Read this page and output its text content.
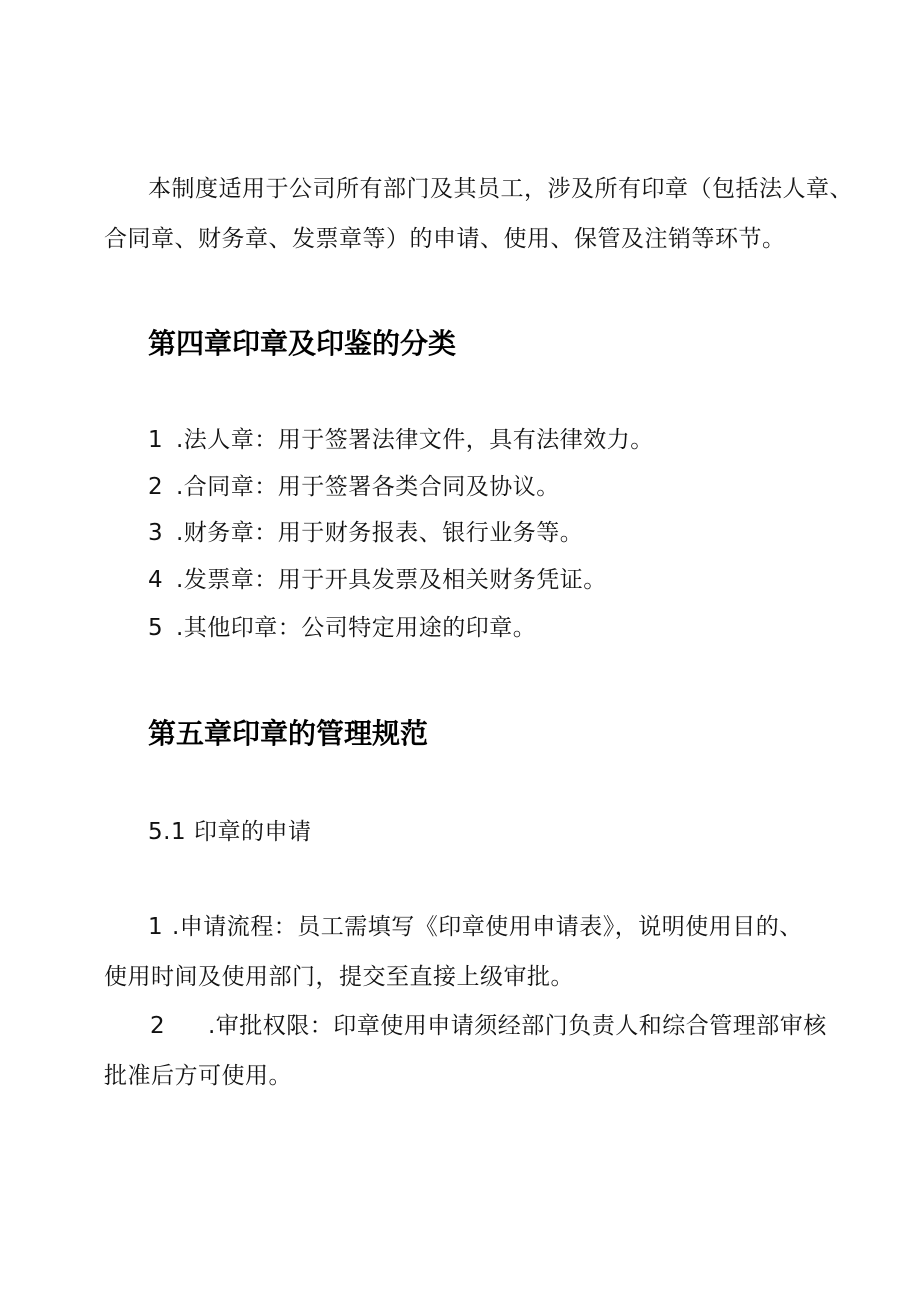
本制度适用于公司所有部门及其员工，涉及所有印章（包括法人章、
合同章、财务章、发票章等）的申请、使用、保管及注销等环节。
第四章印章及印鉴的分类
1 .法人章：用于签署法律文件，具有法律效力。
2 .合同章：用于签署各类合同及协议。
3 .财务章：用于财务报表、银行业务等。
4 .发票章：用于开具发票及相关财务凭证。
5 .其他印章：公司特定用途的印章。
第五章印章的管理规范
5.1 印章的申请
1 .申请流程：员工需填写《印章使用申请表》，说明使用目的、
使用时间及使用部门，提交至直接上级审批。
2 .审批权限：印章使用申请须经部门负责人和综合管理部审核
批准后方可使用。
